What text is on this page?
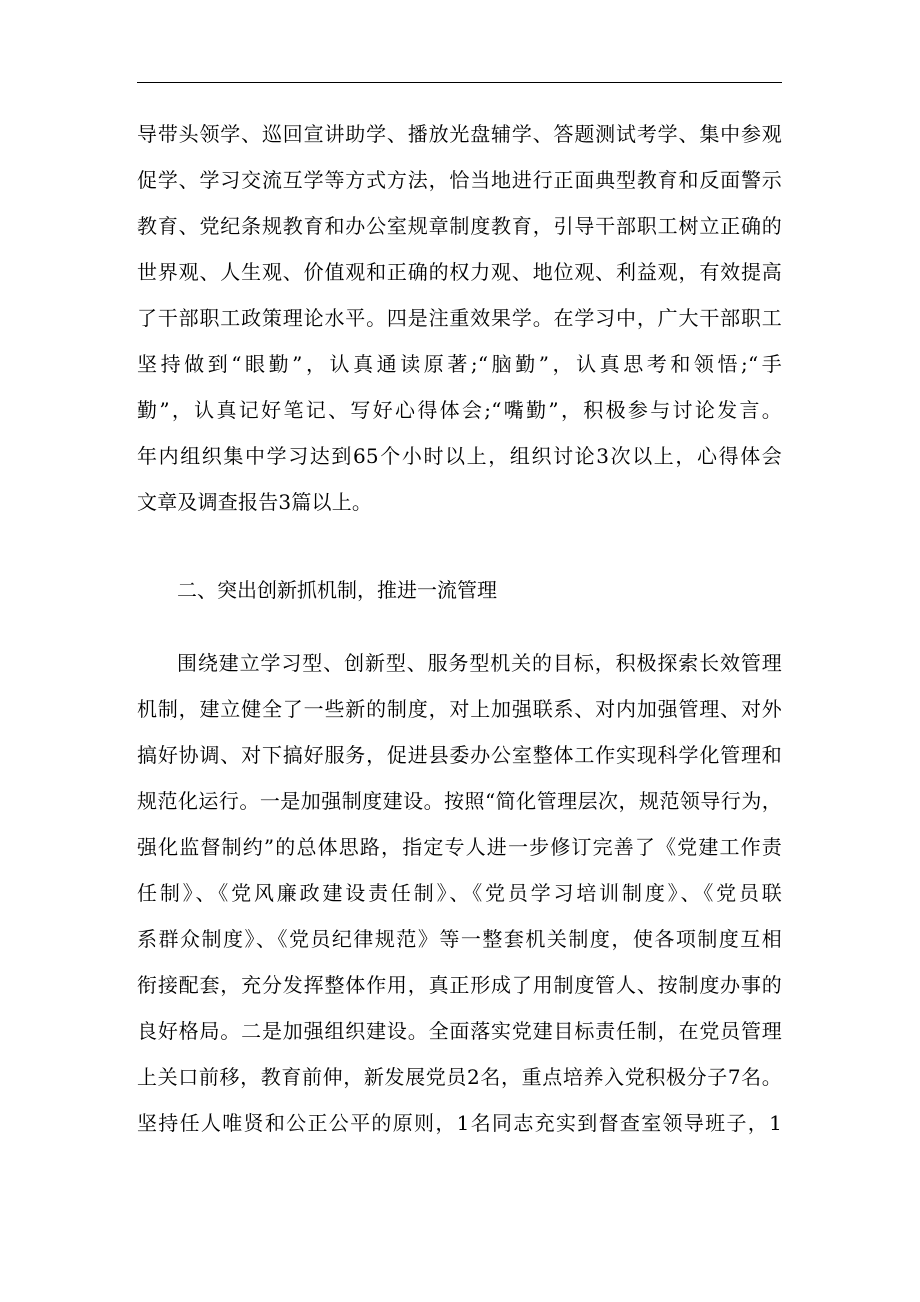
导带头领学、巡回宣讲助学、播放光盘辅学、答题测试考学、集中参观
促学、学习交流互学等方式方法，恰当地进行正面典型教育和反面警示
教育、党纪条规教育和办公室规章制度教育，引导干部职工树立正确的
世界观、人生观、价值观和正确的权力观、地位观、利益观，有效提高
了干部职工政策理论水平。四是注重效果学。在学习中，广大干部职工
坚持做到“眼勤”，认真通读原著;“脑勤”，认真思考和领悟;“手
勤”，认真记好笔记、写好心得体会;“嘴勤”，积极参与讨论发言。
年内组织集中学习达到65个小时以上，组织讨论3次以上，心得体会
文章及调查报告3篇以上。
二、突出创新抓机制，推进一流管理
围绕建立学习型、创新型、服务型机关的目标，积极探索长效管理
机制，建立健全了一些新的制度，对上加强联系、对内加强管理、对外
搞好协调、对下搞好服务，促进县委办公室整体工作实现科学化管理和
规范化运行。一是加强制度建设。按照“简化管理层次，规范领导行为，
强化监督制约”的总体思路，指定专人进一步修订完善了《党建工作责
任制》、《党风廉政建设责任制》、《党员学习培训制度》、《党员联
系群众制度》、《党员纪律规范》等一整套机关制度，使各项制度互相
衔接配套，充分发挥整体作用，真正形成了用制度管人、按制度办事的
良好格局。二是加强组织建设。全面落实党建目标责任制，在党员管理
上关口前移，教育前伸，新发展党员2名，重点培养入党积极分子7名。
坚持任人唯贤和公正公平的原则，1名同志充实到督查室领导班子，1
